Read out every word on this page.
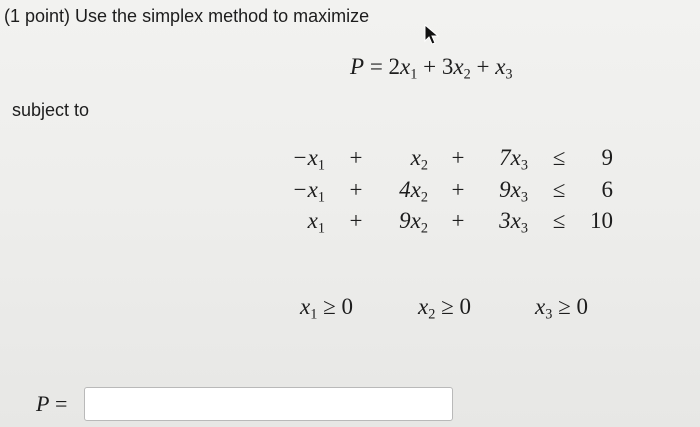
(1 point) Use the simplex method to maximize
$P = 2x_1 + 3x_2 + x_3$
subject to
$-x_1$ +	$x_2$ +	$7x_3$ ≤	9
$-x_1$ +	$4x_2$ +	$9x_3$ ≤	6
$x_1$ +	$9x_2$ +	$3x_3 \le 10$
$x_1 \ge 0$	$x_2 \ge 0$	$x_3 \ge 0$
P =
